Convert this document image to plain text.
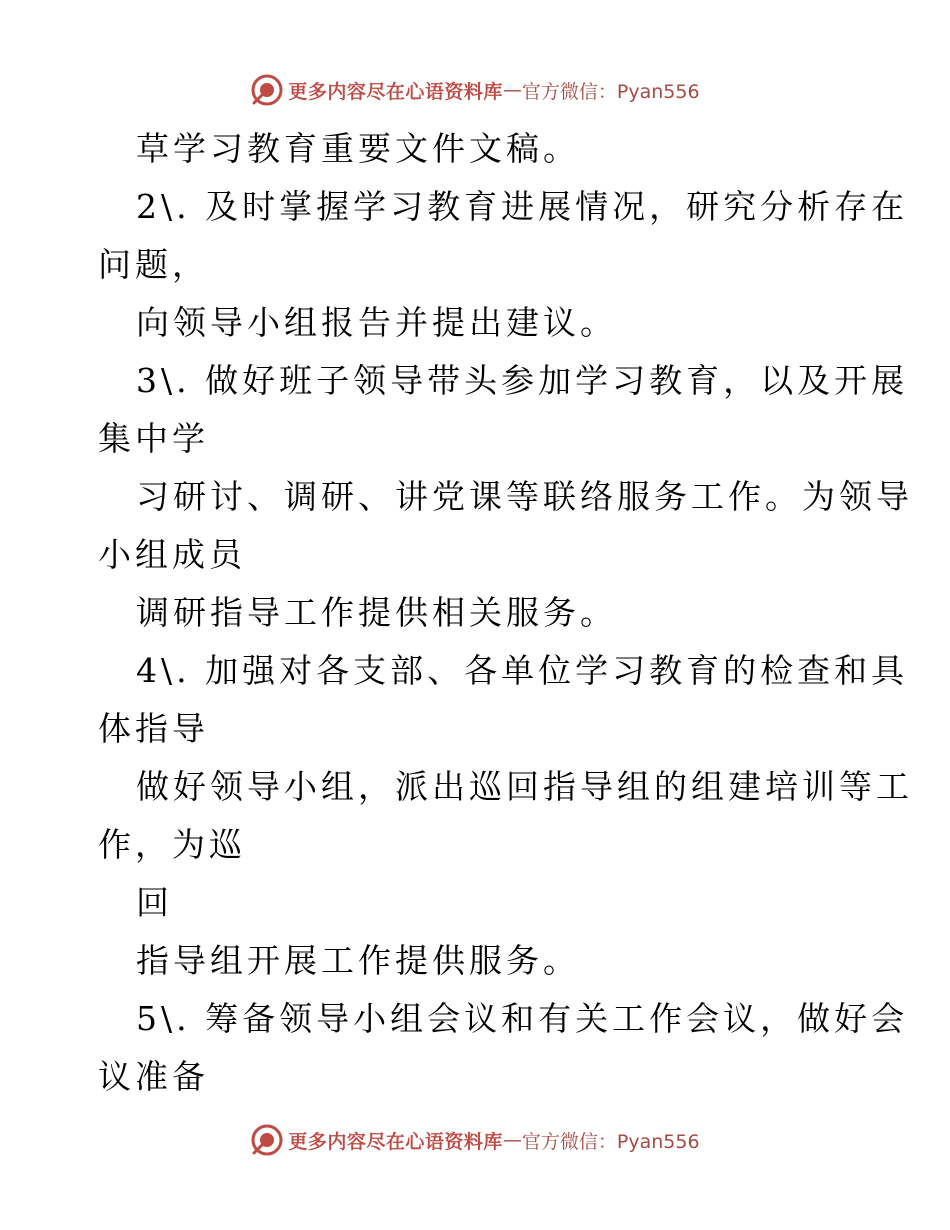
更多内容尽在心语资料库 — 官方微信：Pyan556
草学习教育重要文件文稿。
2\. 及时掌握学习教育进展情况，研究分析存在
问题，
向领导小组报告并提出建议。
3\. 做好班子领导带头参加学习教育，以及开展
集中学
习研讨、调研、讲党课等联络服务工作。为领导
小组成员
调研指导工作提供相关服务。
4\. 加强对各支部、各单位学习教育的检查和具
体指导
做好领导小组，派出巡回指导组的组建培训等工
作，为巡
回
指导组开展工作提供服务。
5\. 筹备领导小组会议和有关工作会议，做好会
议准备
更多内容尽在心语资料库 — 官方微信：Pyan556
